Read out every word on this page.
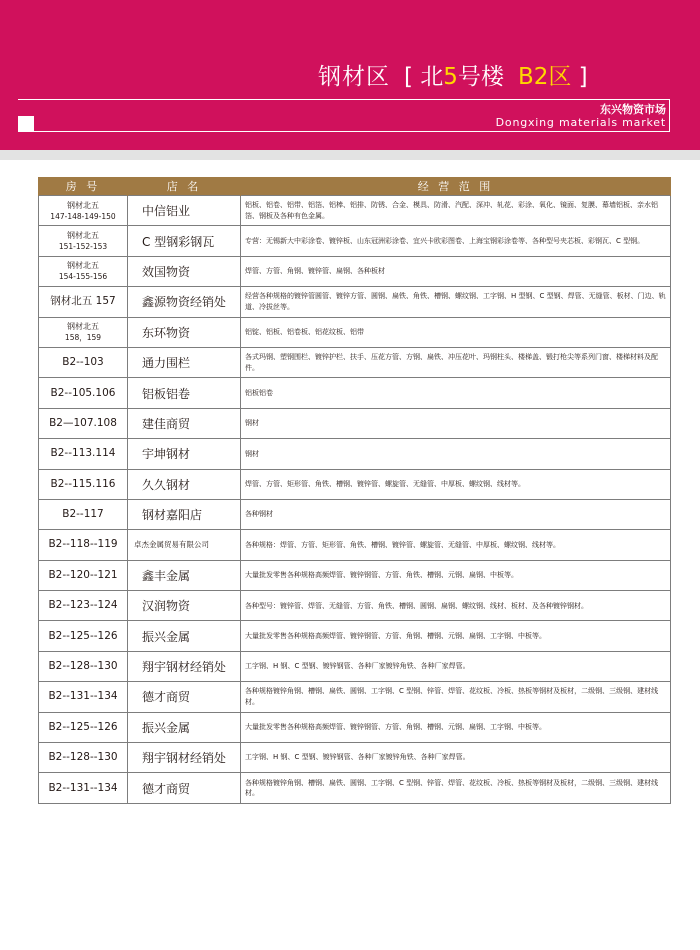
钢材区 [ 北5号楼 B2区 ]
东兴物资市场
Dongxing materials market
房 号	店 名	经 营 范 围

钢材北五
147-148-149-150	中信铝业	铝板、铝卷、铝带、铝箔、铝棒、铝排、防锈、合金、模具、防滑、汽配、深冲、轧花、彩涂、氧化、镜面、复膜、幕墙铝板、亲水铝箔、钢板及各种有色金属。

钢材北五
151-152-153	C 型钢彩钢瓦	专营：无锡新大中彩涂卷、镀锌板、山东冠洲彩涂卷、宜兴卡欧彩图卷、上海宝钢彩涂卷等、各种型号夹芯板、彩钢瓦、C 型钢。

钢材北五
154-155-156	效国物资	焊管、方管、角钢、镀锌管、扁钢、各种板材
钢材北五 157	鑫源物资经销处	经营各种规格的镀锌管圆管、镀锌方管、圆钢、扁铁、角铁、槽钢、螺纹钢、工字钢、H 型钢、C 型钢、焊管、无缝管、板材、门边、轨道、冷拔丝等。

钢材北五
158，159	东环物资	铝锭、铝板、铝卷板、铝花纹板、铝带
B2--103	通力围栏	各式玛钢、塑钢围栏、镀锌护栏、扶手、压花方管、方钢、扁铁、冲压花叶、玛钢柱头、楼梯盖、锻打枪尖等系列门窗、楼梯材料及配件。
B2--105.106	铝板铝卷	铝板铝卷
B2—107.108	建佳商贸	钢材
B2--113.114	宇坤钢材	钢材
B2--115.116	久久钢材	焊管、方管、矩形管、角铁、槽钢、镀锌管、螺旋管、无缝管、中厚板、螺纹钢、线材等。
B2--117	钢材嘉阳店	各种钢材
B2--118--119	卓杰金属贸易有限公司	各种规格：焊管、方管、矩形管、角铁、槽钢、镀锌管、螺旋管、无缝管、中厚板、螺纹钢、线材等。
B2--120--121	鑫丰金属	大量批发零售各种规格高频焊管、镀锌钢管、方管、角铁、槽钢、元钢、扁钢、中板等。
B2--123--124	汉润物资	各种型号：镀锌管、焊管、无缝管、方管、角铁、槽钢、圆钢、扁钢、螺纹钢、线材、板材、及各种镀锌钢材。
B2--125--126	振兴金属	大量批发零售各种规格高频焊管、镀锌钢管、方管、角钢、槽钢、元钢、扁钢、工字钢、中板等。
B2--128--130	翔宇钢材经销处	工字钢、H 钢、C 型钢、镀锌钢管、各种厂家镀锌角铁、各种厂家焊管。
B2--131--134	德才商贸	各种规格镀锌角钢、槽钢、扁铁、圆钢、工字钢、C 型钢、锌管、焊管、花纹板、冷板、热板等钢材及板材，二级钢、三级钢、建材线材。
B2--125--126	振兴金属	大量批发零售各种规格高频焊管、镀锌钢管、方管、角钢、槽钢、元钢、扁钢、工字钢、中板等。
B2--128--130	翔宇钢材经销处	工字钢、H 钢、C 型钢、镀锌钢管、各种厂家镀锌角铁、各种厂家焊管。
B2--131--134	德才商贸	各种规格镀锌角钢、槽钢、扁铁、圆钢、工字钢、C 型钢、锌管、焊管、花纹板、冷板、热板等钢材及板材，二级钢、三级钢、建材线材。
